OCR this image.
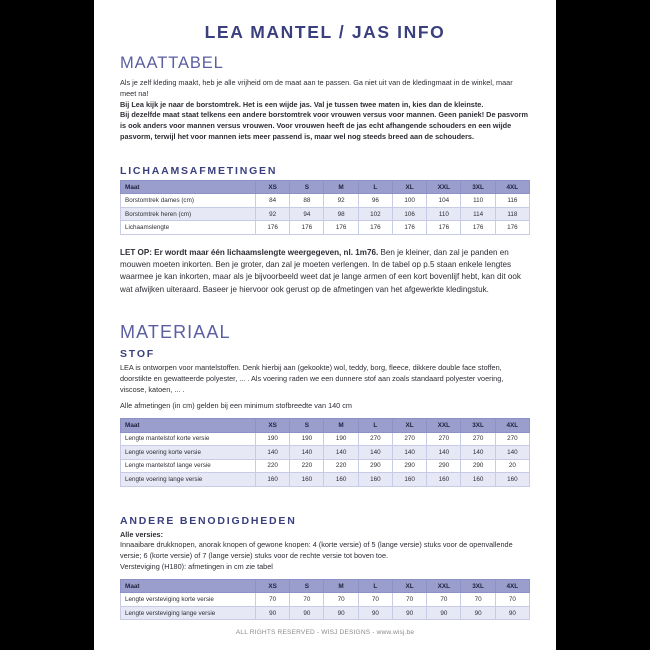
LEA MANTEL / JAS INFO
MAATTABEL

Als je zelf kleding maakt, heb je alle vrijheid om de maat aan te passen. Ga niet uit van de kledingmaat in de winkel, maar meet na!

Bij Lea kijk je naar de borstomtrek. Het is een wijde jas. Val je tussen twee maten in, kies dan de kleinste.

Bij dezelfde maat staat telkens een andere borstomtrek voor vrouwen versus voor mannen. Geen paniek! De pasvorm is ook anders voor mannen versus vrouwen. Voor vrouwen heeft de jas echt afhangende schouders en een wijde pasvorm, terwijl het voor mannen iets meer passend is, maar wel nog steeds breed aan de schouders.

LICHAAMSAFMETINGEN
Maat	XS	S	M	L	XL	XXL	3XL	4XL
Borstomtrek dames (cm)	84	88	92	96	100	104	110	116
Borstomtrek heren (cm)	92	94	98	102	106	110	114	118
Lichaamslengte	176	176	176	176	176	176	176	176

LET OP: Er wordt maar één lichaamslengte weergegeven, nl. 1m76. Ben je kleiner, dan zal je panden en mouwen moeten inkorten. Ben je groter, dan zal je moeten verlengen. In de tabel op p.5 staan enkele lengtes waarmee je kan inkorten, maar als je bijvoorbeeld weet dat je lange armen of een kort bovenlijf hebt, kan dit ook wat afwijken uiteraard. Baseer je hiervoor ook gerust op de afmetingen van het afgewerkte kledingstuk.

MATERIAAL
STOF

LEA is ontworpen voor mantelstoffen. Denk hierbij aan (gekookte) wol, teddy, borg, fleece, dikkere double face stoffen, doorstikte en gewatteerde polyester, ... . Als voering raden we een dunnere stof aan zoals standaard polyester voering, viscose, katoen, ... .

Alle afmetingen (in cm) gelden bij een minimum stofbreedte van 140 cm

Maat	XS	S	M	L	XL	XXL	3XL	4XL
Lengte mantelstof korte versie	190	190	190	270	270	270	270	270
Lengte voering korte versie	140	140	140	140	140	140	140	140
Lengte mantelstof lange versie	220	220	220	290	290	290	290	20
Lengte voering lange versie	160	160	160	160	160	160	160	160
ANDERE BENODIGDHEDEN

Alle versies:

Innaaibare drukknopen, anorak knopen of gewone knopen: 4 (korte versie) of 5 (lange versie) stuks voor de openvallende versie; 6 (korte versie) of 7 (lange versie) stuks voor de rechte versie tot boven toe.

Versteviging (H180): afmetingen in cm zie tabel

Maat	XS	S	M	L	XL	XXL	3XL	4XL
Lengte versteviging korte versie	70	70	70	70	70	70	70	70
Lengte versteviging lange versie	90	90	90	90	90	90	90	90
ALL RIGHTS RESERVED - WISJ DESIGNS - www.wisj.be
